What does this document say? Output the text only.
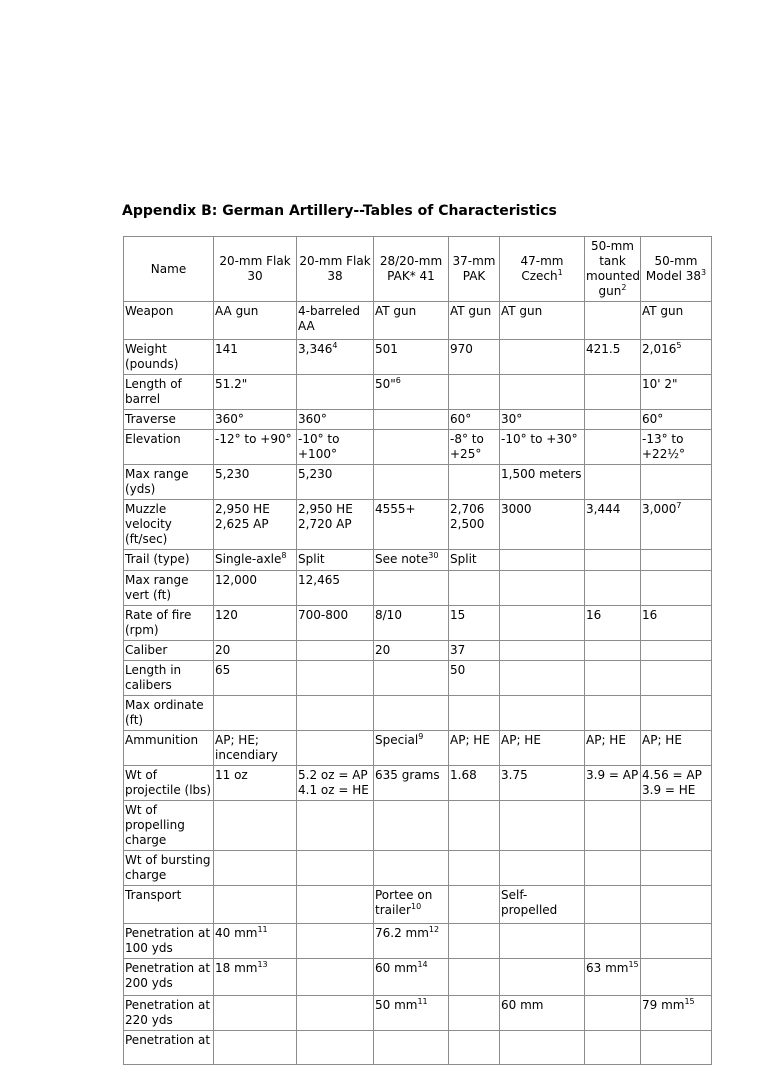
Appendix B: German Artillery--Tables of Characteristics
Name	20-mm Flak 30	20-mm Flak 38	28/20-mm PAK* 41	37-mm PAK	47-mm Czech$^1$	50-mm tank mounted gun$^2$	50-mm Model $38^3$
Weapon	AA gun	4-barreled AA	AT gun	AT gun	AT gun		AT gun
Weight (pounds)	141	3,346$^4$	501	970		421.5	2,016$^5$
Length of barrel	51.2"		50"$^6$				10' 2"
Traverse	360°	360°		60°	30°		60°
Elevation	-12° to +90°	-10° to +100°		-8° to +25°	-10° to +30°		-13° to +22½°
Max range (yds)	5,230	5,230			1,500 meters		
Muzzle velocity (ft/sec)	2,950 HE 2,625 AP	2,950 HE 2,720 AP	4555+	2,706 2,500	3000	3,444	3,000$^7$
Trail (type)	Single-axle$^8$	Split	See note$^{30}$	Split			
Max range vert (ft)	12,000	12,465					
Rate of fire (rpm)	120	700-800	8/10	15		16	16
Caliber	20		20	37			
Length in calibers	65			50			
Max ordinate (ft)							
Ammunition	AP; HE; incendiary		Special$^9$	AP; HE	AP; HE	AP; HE	AP; HE
Wt of projectile (lbs)	11 oz	5.2 oz = AP 4.1 oz = HE	635 grams	1.68	3.75	3.9 = AP	4.56 = AP 3.9 = HE
Wt of propelling charge							
Wt of bursting charge							
Transport			Portee on trailer$^{10}$		Self-propelled		
Penetration at 100 yds	40 $mm^{11}$		76.2 $mm^{12}$				
Penetration at 200 yds	18 $mm^{13}$		60 $mm^{14}$			63 $mm^{15}$	
Penetration at 220 yds			50 $mm^{11}$		60 mm		79 $mm^{15}$
Penetration at							
